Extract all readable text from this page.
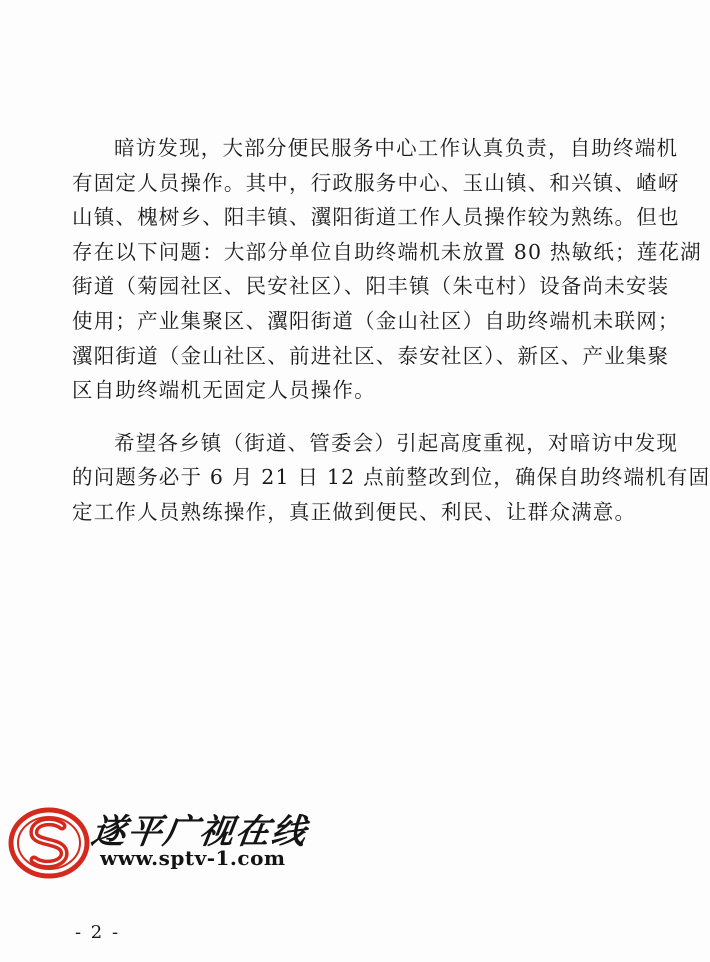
暗访发现，大部分便民服务中心工作认真负责，自助终端机
有固定人员操作。其中，行政服务中心、玉山镇、和兴镇、嵖岈
山镇、槐树乡、阳丰镇、瀷阳街道工作人员操作较为熟练。但也
存在以下问题：大部分单位自助终端机未放置 80 热敏纸；莲花湖
街道（菊园社区、民安社区）、阳丰镇（朱屯村）设备尚未安装
使用；产业集聚区、瀷阳街道（金山社区）自助终端机未联网；
瀷阳街道（金山社区、前进社区、泰安社区）、新区、产业集聚
区自助终端机无固定人员操作。

希望各乡镇（街道、管委会）引起高度重视，对暗访中发现
的问题务必于 6 月 21 日 12 点前整改到位，确保自助终端机有固
定工作人员熟练操作，真正做到便民、利民、让群众满意。

遂平广视在线
www.sptv-1.com
- 2 -
